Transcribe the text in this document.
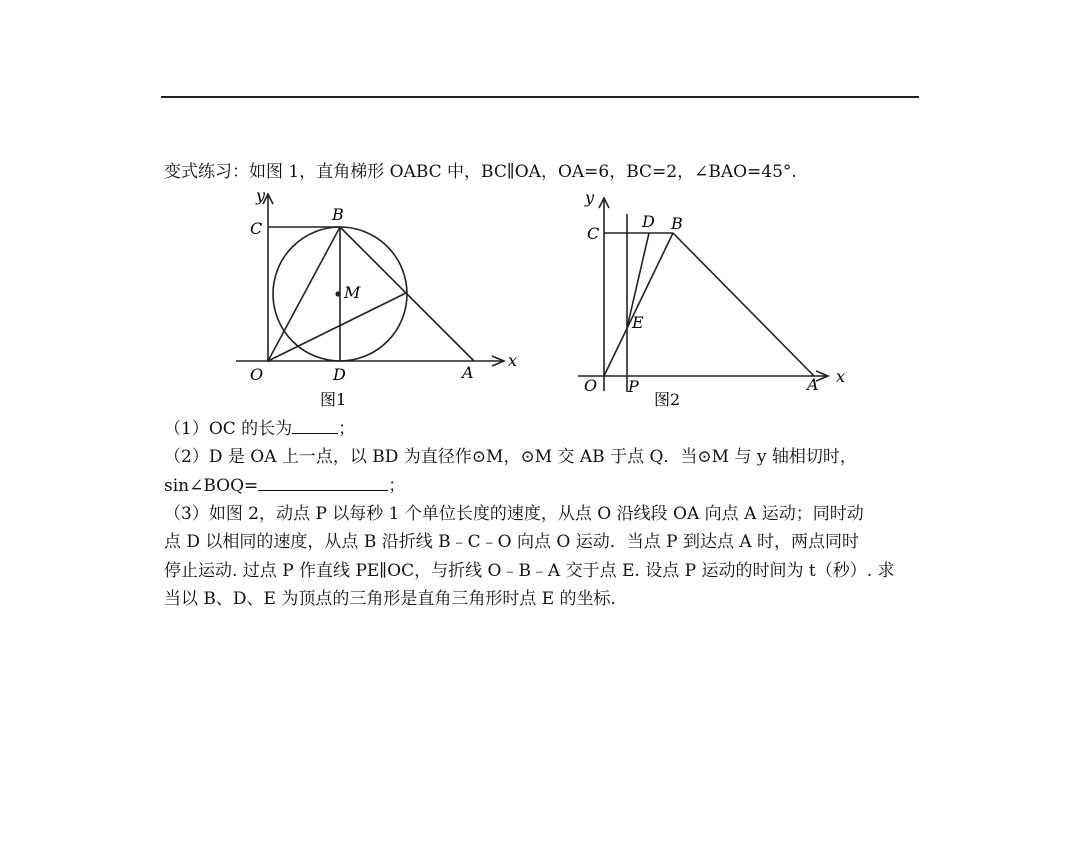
变式练习：如图 1，直角梯形 OABC 中，BC∥OA，OA=6，BC=2，∠BAO=45°.
y
x
C
B
M
O	D	A
图1
y
x
C
D B
E
O P	A
图2
（1）OC 的长为	；
（2）D 是 OA 上一点，以 BD 为直径作⊙M，⊙M 交 AB 于点 Q．当⊙M 与 y 轴相切时，
sin∠BOQ=	；
（3）如图 2，动点 P 以每秒 1 个单位长度的速度，从点 O 沿线段 OA 向点 A 运动；同时动
点 D 以相同的速度，从点 B 沿折线 B﹣C﹣O 向点 O 运动．当点 P 到达点 A 时，两点同时
停止运动. 过点 P 作直线 PE∥OC，与折线 O﹣B﹣A 交于点 E. 设点 P 运动的时间为 t（秒）. 求
当以 B、D、E 为顶点的三角形是直角三角形时点 E 的坐标.
